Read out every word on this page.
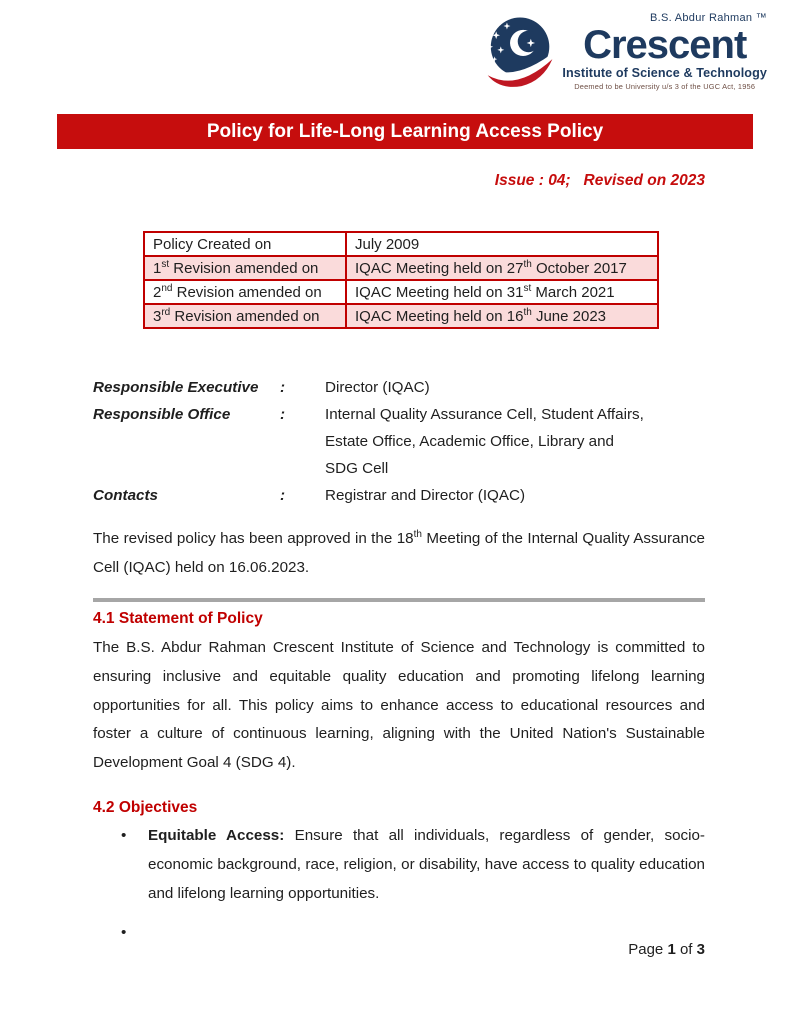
B.S. Abdur Rahman ™
Crescent
Institute of Science & Technology
Deemed to be University u/s 3 of the UGC Act, 1956
Policy for Life-Long Learning Access Policy
Issue : 04;   Revised on 2023
Policy Created on	July 2009
1st Revision amended on	IQAC Meeting held on 27th October 2017
2nd Revision amended on	IQAC Meeting held on 31st March 2021
3rd Revision amended on	IQAC Meeting held on 16th June 2023
Responsible Executive	:	Director (IQAC)
Responsible Office	:	Internal Quality Assurance Cell, Student Affairs,
Estate Office, Academic Office, Library and
SDG Cell
Contacts	:	Registrar and Director (IQAC)

The revised policy has been approved in the 18th Meeting of the Internal Quality Assurance Cell (IQAC) held on 16.06.2023.

4.1 Statement of Policy

The B.S. Abdur Rahman Crescent Institute of Science and Technology is committed to ensuring inclusive and equitable quality education and promoting lifelong learning opportunities for all. This policy aims to enhance access to educational resources and foster a culture of continuous learning, aligning with the United Nation's Sustainable Development Goal 4 (SDG 4).

4.2 Objectives
• Equitable Access: Ensure that all individuals, regardless of gender, socio-economic background, race, religion, or disability, have access to quality education and lifelong learning opportunities.
•
Page 1 of 3
